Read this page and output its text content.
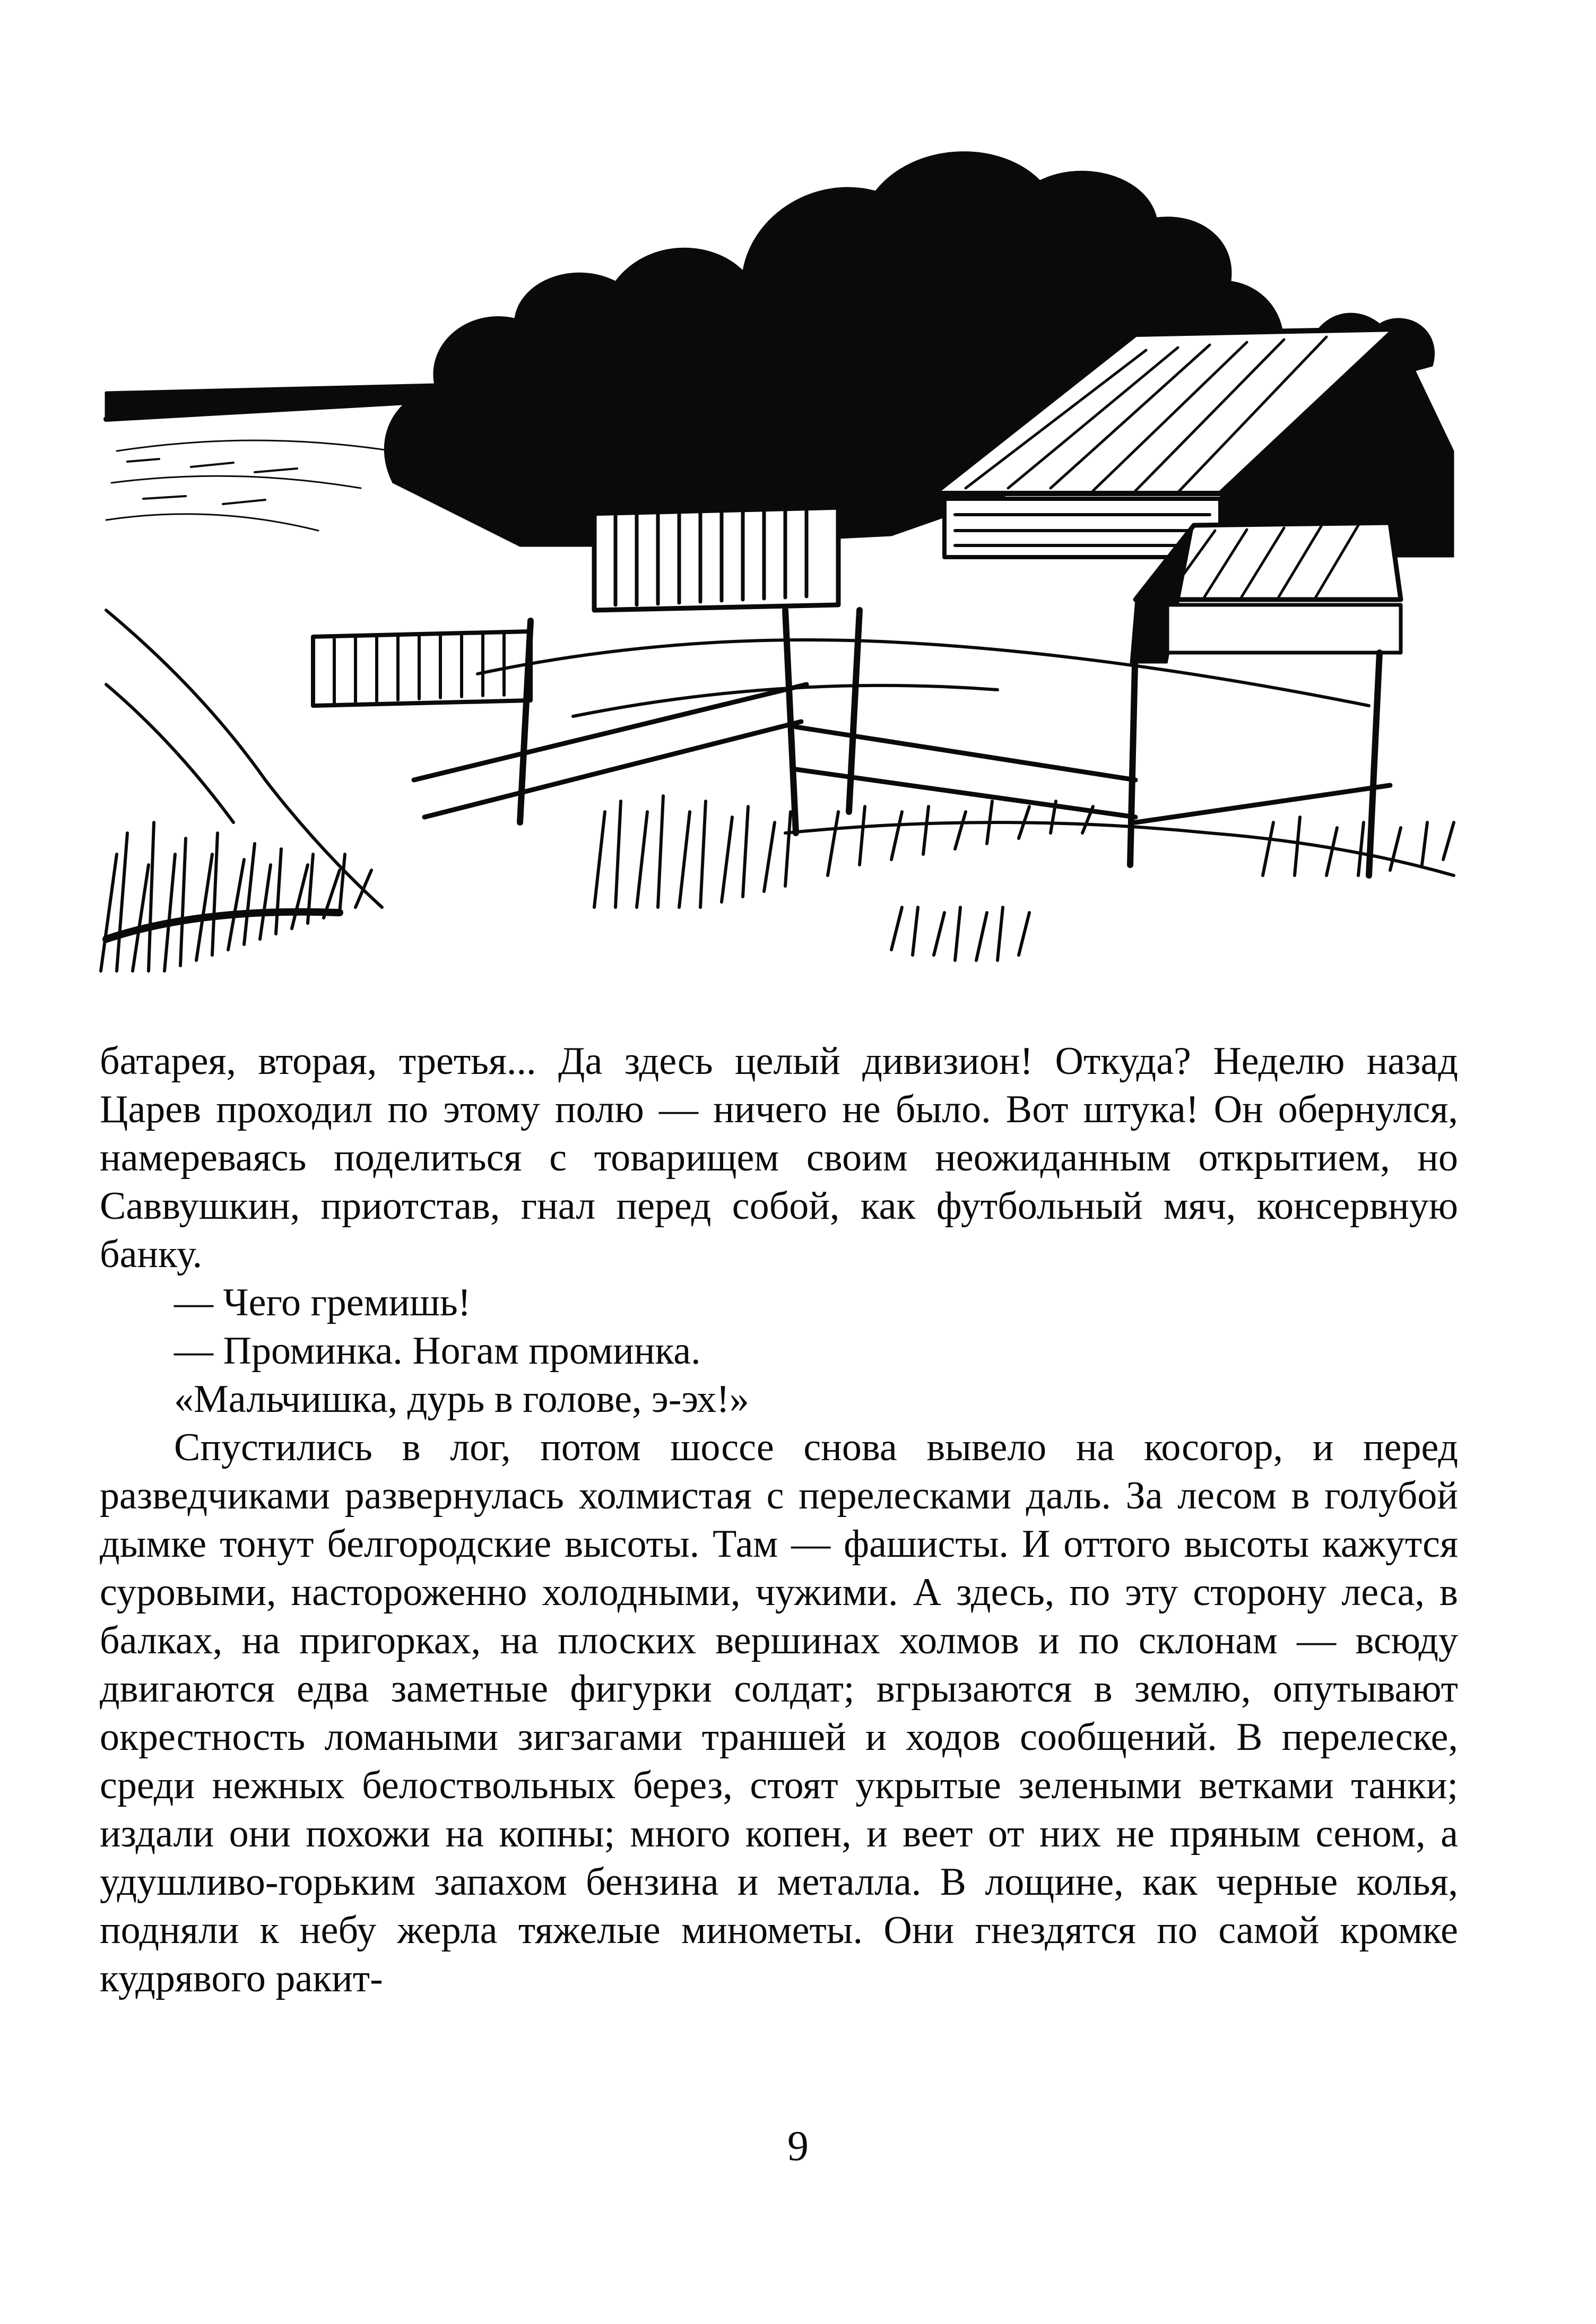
батарея, вторая, третья... Да здесь целый дивизион! Откуда? Неделю назад Царев проходил по этому полю — ничего не было. Вот штука! Он обернулся, намереваясь поделиться с товарищем своим неожиданным открытием, но Саввушкин, приотстав, гнал перед собой, как футбольный мяч, консервную банку.

— Чего гремишь!

— Проминка. Ногам проминка.

«Мальчишка, дурь в голове, э-эх!»

Спустились в лог, потом шоссе снова вывело на косогор, и перед разведчиками развернулась холмистая с перелесками даль. За лесом в голубой дымке тонут белгородские высоты. Там — фашисты. И оттого высоты кажутся суровыми, настороженно холодными, чужими. А здесь, по эту сторону леса, в балках, на пригорках, на плоских вершинах холмов и по склонам — всюду двигаются едва заметные фигурки солдат; вгрызаются в землю, опутывают окрестность ломаными зигзагами траншей и ходов сообщений. В перелеске, среди нежных белоствольных берез, стоят укрытые зелеными ветками танки; издали они похожи на копны; много копен, и веет от них не пряным сеном, а удушливо-горьким запахом бензина и металла. В лощине, как черные колья, подняли к небу жерла тяжелые минометы. Они гнездятся по самой кромке кудрявого ракит-

9
